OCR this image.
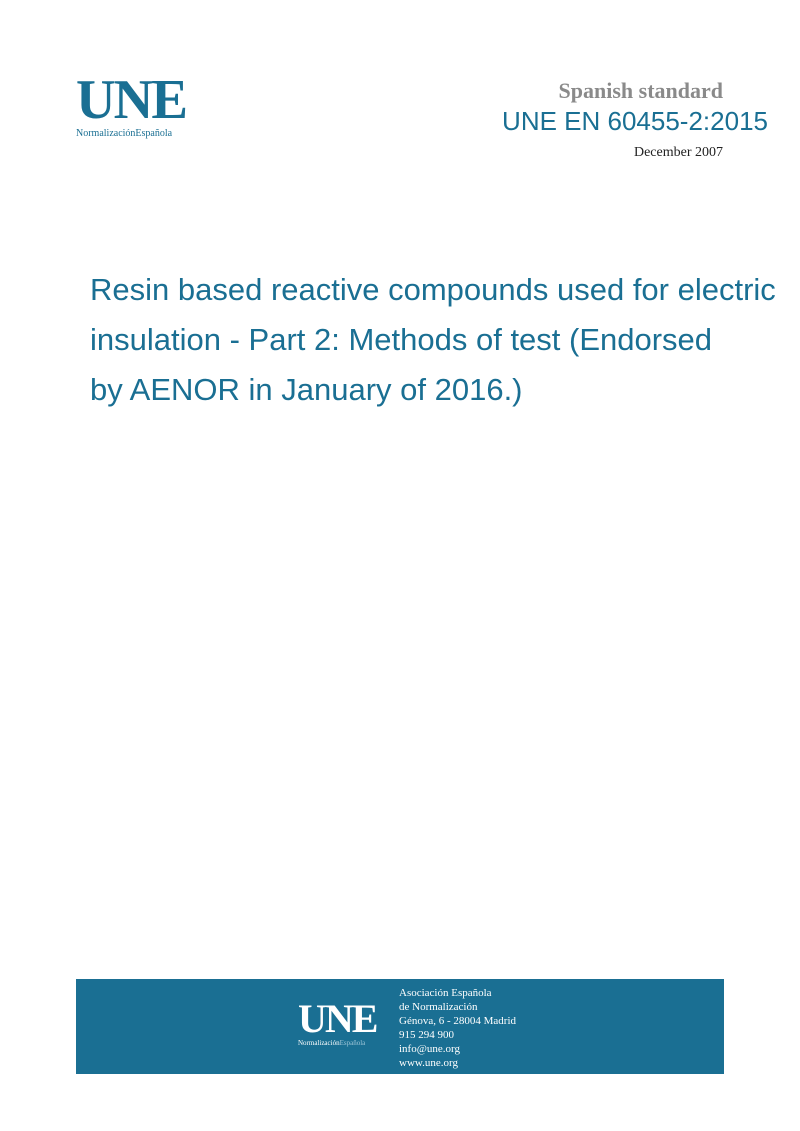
UNE
NormalizaciónEspañola
Spanish standard
UNE EN 60455-2:2015
December 2007
Resin based reactive compounds used for electric
insulation - Part 2: Methods of test (Endorsed
by AENOR in January of 2016.)
UNE
NormalizaciónEspañola
Asociación Española
de Normalización
Génova, 6 - 28004 Madrid
915 294 900
info@une.org
www.une.org
